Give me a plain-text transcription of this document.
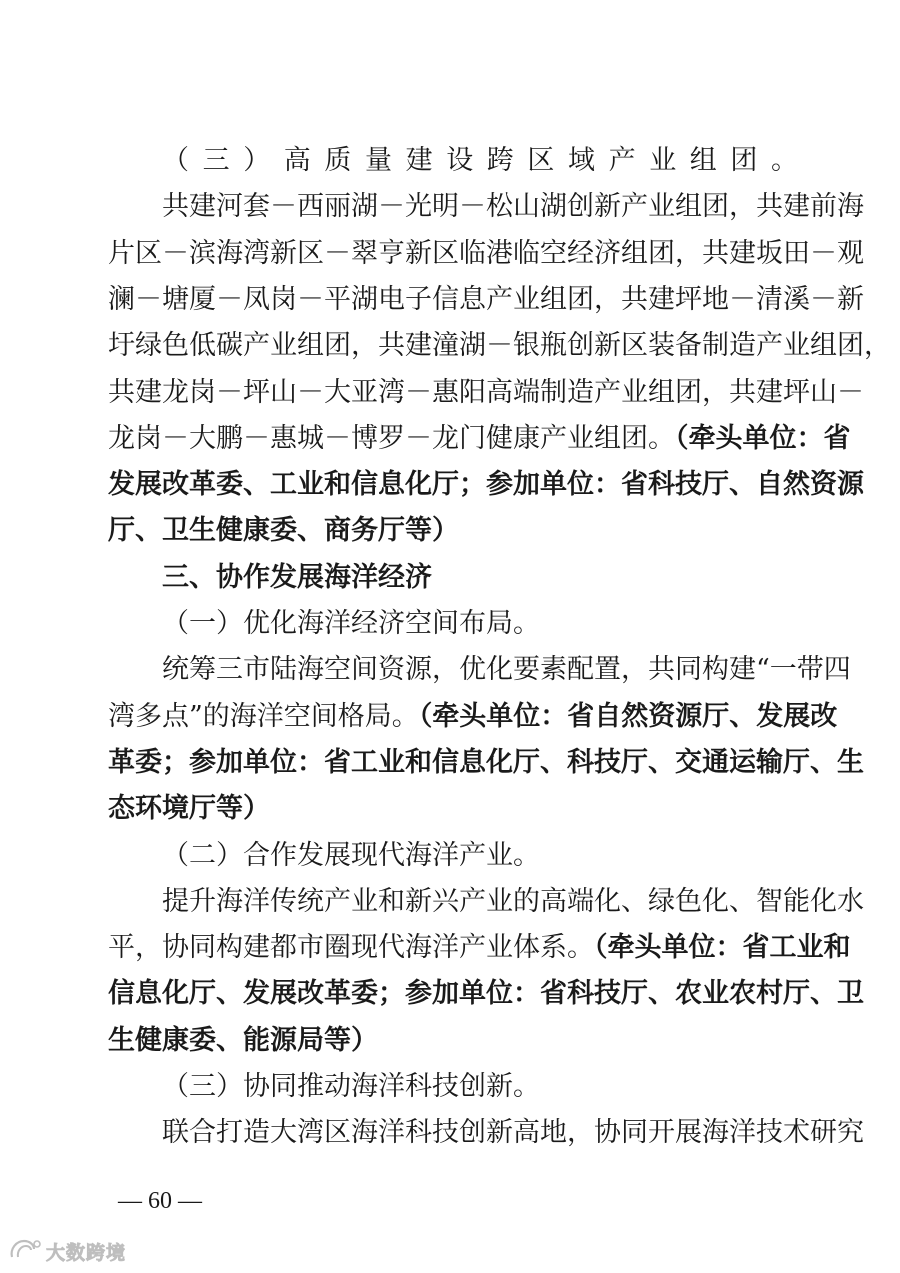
（三）高质量建设跨区域产业组团。
共建河套－西丽湖－光明－松山湖创新产业组团，共建前海
片区－滨海湾新区－翠亨新区临港临空经济组团，共建坂田－观
澜－塘厦－凤岗－平湖电子信息产业组团，共建坪地－清溪－新
圩绿色低碳产业组团，共建潼湖－银瓶创新区装备制造产业组团，
共建龙岗－坪山－大亚湾－惠阳高端制造产业组团，共建坪山－
龙岗－大鹏－惠城－博罗－龙门健康产业组团。（牵头单位：省
发展改革委、工业和信息化厅；参加单位：省科技厅、自然资源
厅、卫生健康委、商务厅等）
三、协作发展海洋经济
（一）优化海洋经济空间布局。
统筹三市陆海空间资源，优化要素配置，共同构建“一带四
湾多点”的海洋空间格局。（牵头单位：省自然资源厅、发展改
革委；参加单位：省工业和信息化厅、科技厅、交通运输厅、生
态环境厅等）
（二）合作发展现代海洋产业。
提升海洋传统产业和新兴产业的高端化、绿色化、智能化水
平，协同构建都市圈现代海洋产业体系。（牵头单位：省工业和
信息化厅、发展改革委；参加单位：省科技厅、农业农村厅、卫
生健康委、能源局等）
（三）协同推动海洋科技创新。
联合打造大湾区海洋科技创新高地，协同开展海洋技术研究
— 60 —
大数跨境
